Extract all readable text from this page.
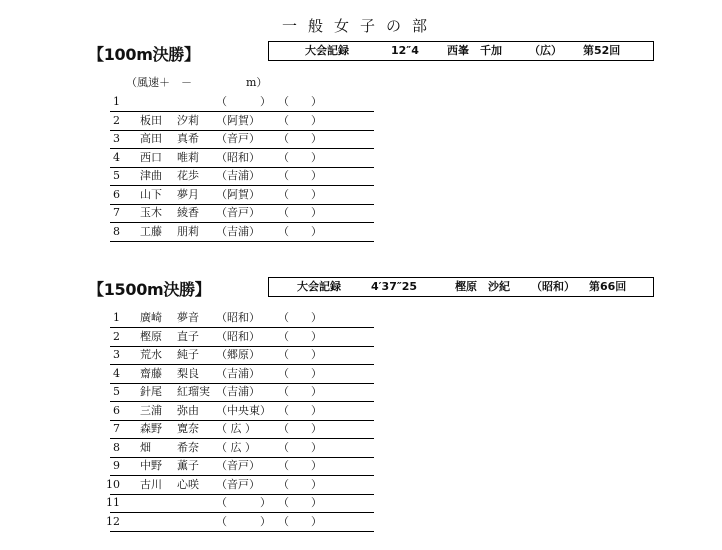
一般女子の部
【100m決勝】	大会記録	12″4	西峯　千加 （広） 第52回
（風速＋　－	m）
1	（　　　） （　　）
2 板田 汐莉 （阿賀） （　　）
3 高田 真希 （音戸） （　　）
4 西口 唯莉 （昭和） （　　）
5 津曲 花歩 （吉浦） （　　）
6 山下 夢月 （阿賀） （　　）
7 玉木 綾香 （音戸） （　　）
8 工藤 朋莉 （吉浦） （　　）
【1500m決勝】	大会記録	4′37″25	樫原　沙紀 （昭和） 第66回
1 廣崎 夢音 （昭和） （　　）
2 樫原 直子 （昭和） （　　）
3 荒水 純子 （郷原） （　　）
4 齋藤 梨良 （吉浦） （　　）
5 針尾 紅瑠実 （吉浦） （　　）
6 三浦 弥由 （中央東） （　　）
7 森野 寛奈 （ 広 ） （　　）
8 畑 希奈 （ 広 ） （　　）
9 中野 薫子 （音戸） （　　）
10 古川 心咲 （音戸） （　　）
11	（　　　） （　　）
12	（　　　） （　　）
